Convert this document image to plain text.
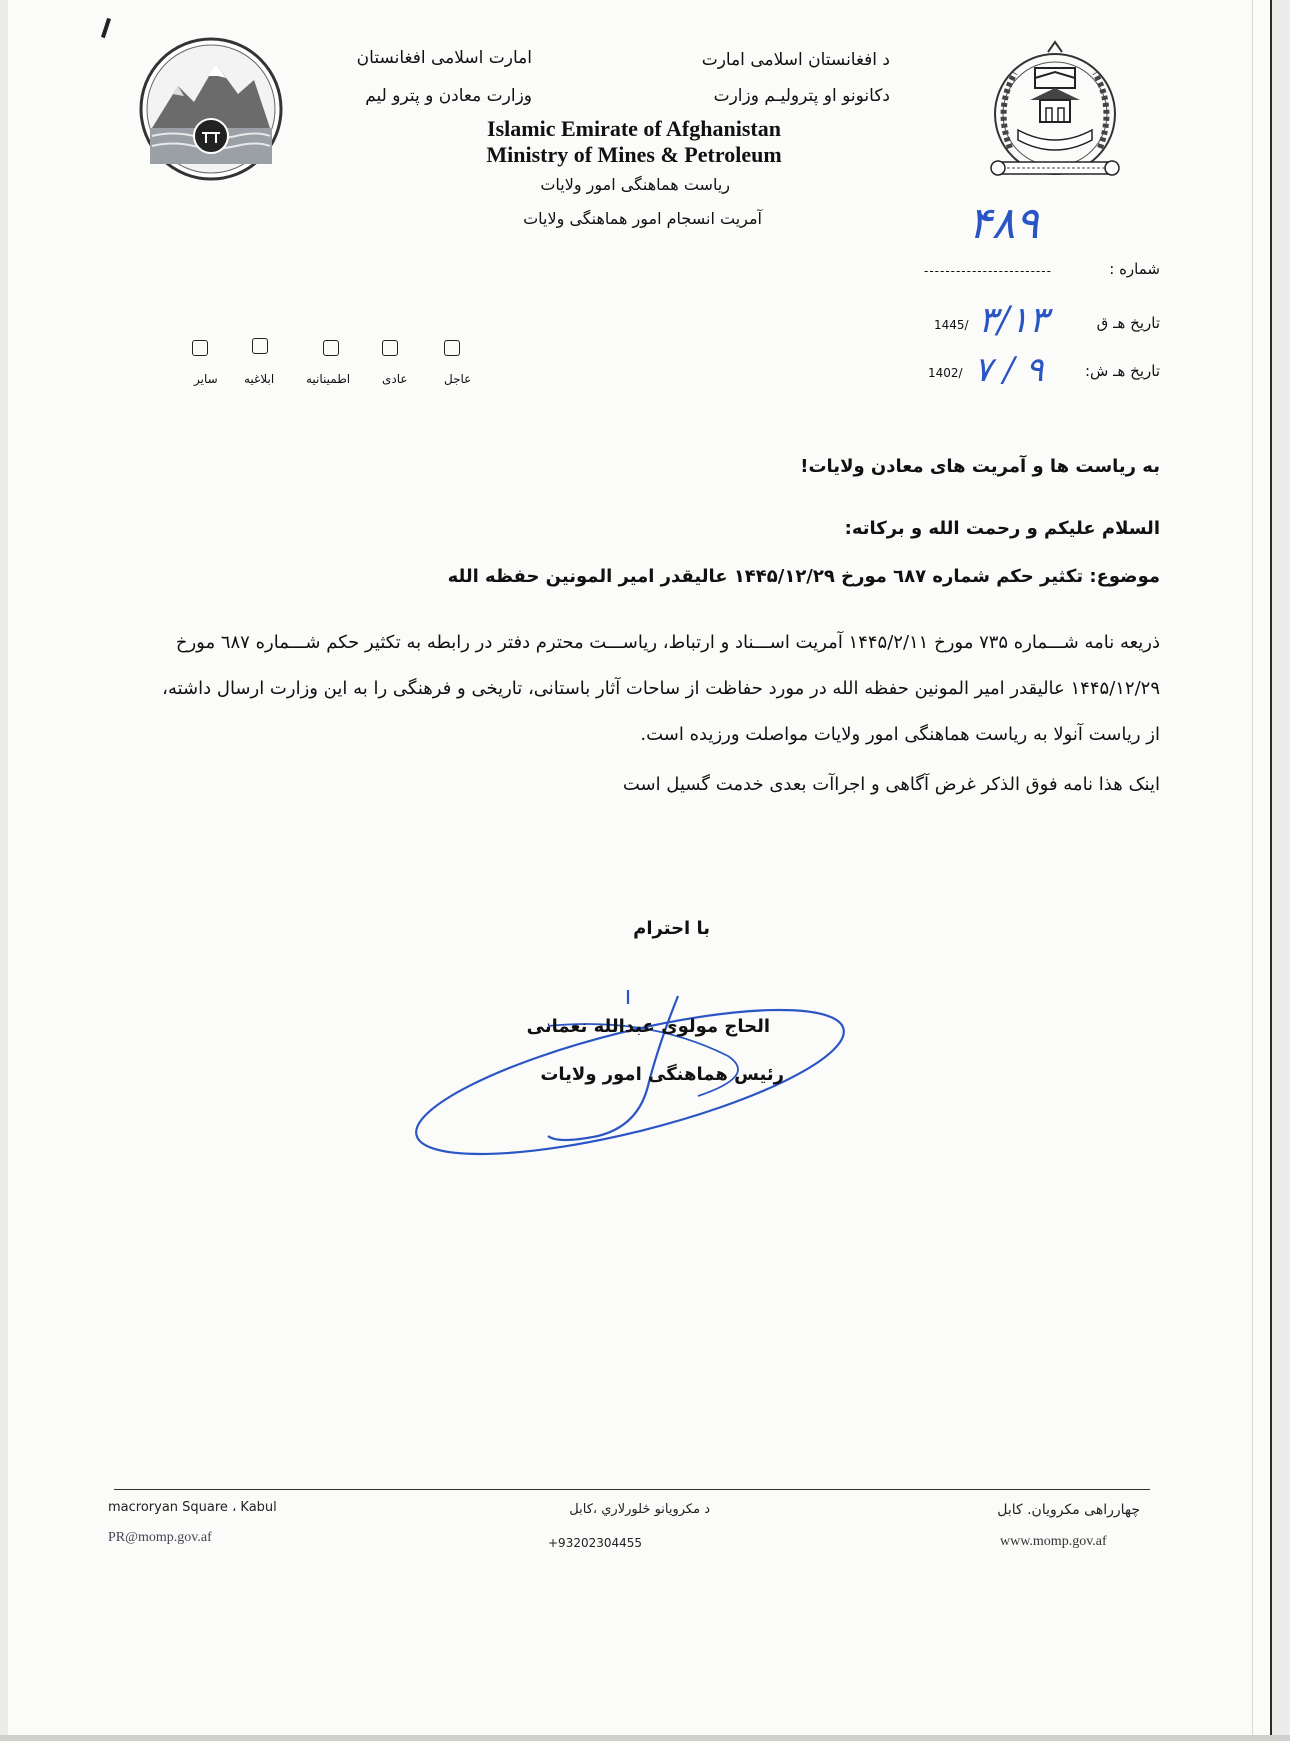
د افغانستان اسلامی امارت
دکانونو او پترولیـم وزارت
امارت اسلامی افغانستان
وزارت معادن و پترو لیم
Islamic Emirate of Afghanistan
Ministry of Mines & Petroleum
ریاست هماهنگی امور ولایات
آمریت انسجام امور هماهنگی ولایات	۴۸۹
شماره :
------------------------
1445/ ۳/۱۳	تاریخ هـ ق
1402/ ۷ / ۹	تاریخ هـ ش:
عاجل
عادی
اطمینانیه
ابلاغیه
سایر
به ریاست ها و آمریت های معادن ولایات!
السلام علیکم و رحمت الله و برکاته:
موضوع: تکثیر حکم شماره ٦٨٧ مورخ ۱۴۴۵/۱۲/۲۹ عالیقدر امیر المونین حفظه الله
ذریعه نامه شـــماره ۷۳۵ مورخ ۱۴۴۵/۲/۱۱ آمریت اســـناد و ارتباط، ریاســـت محترم دفتر در رابطه به تکثیر حکم شـــماره ٦٨٧ مورخ
۱۴۴۵/۱۲/۲۹ عالیقدر امیر المونین حفظه الله در مورد حفاظت از ساحات آثار باستانی، تاریخی و فرهنگی را به این وزارت ارسال داشته،
از ریاست آنولا به ریاست هماهنگی امور ولایات مواصلت ورزیده است.
اینک هذا نامه فوق الذکر غرض آگاهی و اجراآت بعدی خدمت گسیل است
با احترام
الحاج مولوی عبدالله نعمانی
رئیس هماهنگی امور ولایات
macroryan Square ، Kabul
PR@momp.gov.af
د مکرویانو څلورلاري ،کابل
+93202304455
چهارراهی مکرویان. کابل
www.momp.gov.af
